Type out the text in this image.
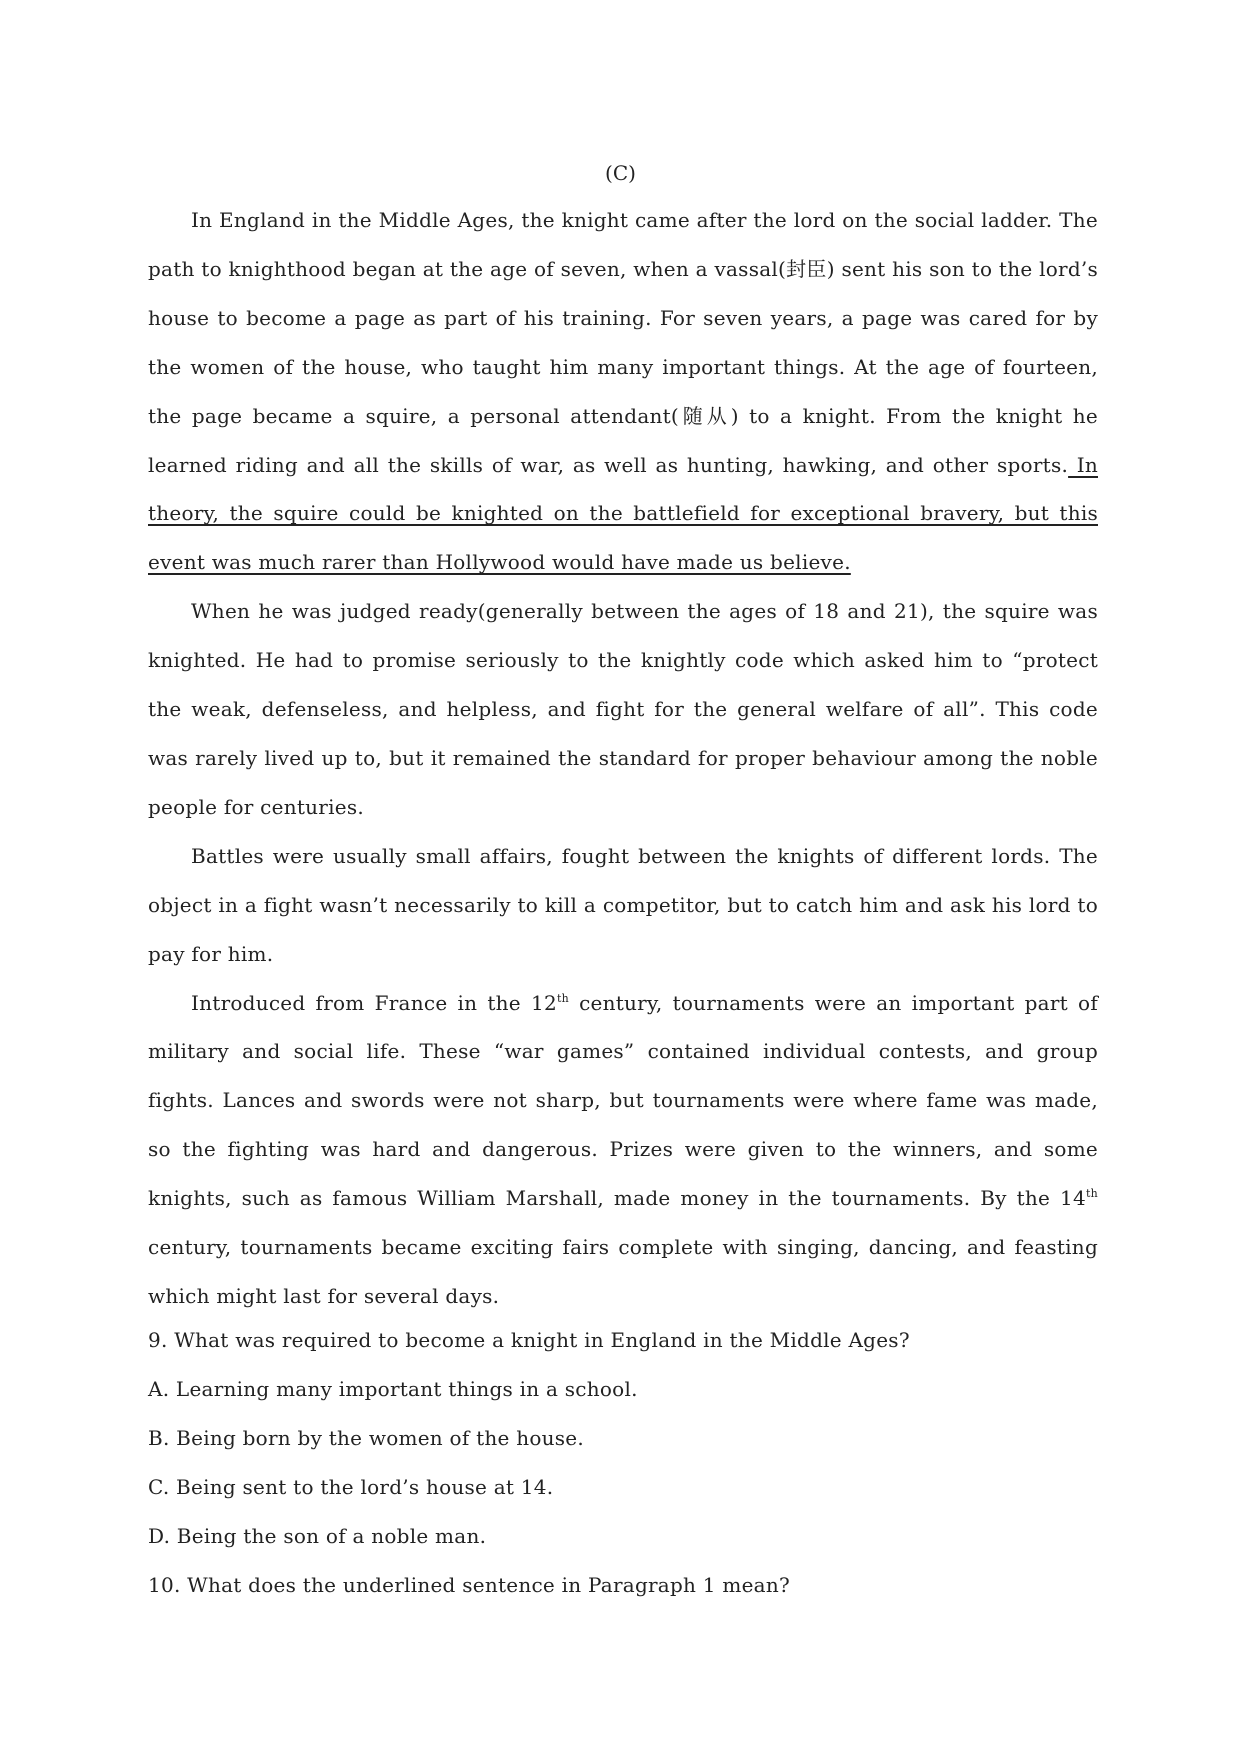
(C)

In England in the Middle Ages, the knight came after the lord on the social ladder. The path to knighthood began at the age of seven, when a vassal(封臣) sent his son to the lord’s house to become a page as part of his training. For seven years, a page was cared for by the women of the house, who taught him many important things. At the age of fourteen, the page became a squire, a personal attendant(随从) to a knight. From the knight he learned riding and all the skills of war, as well as hunting, hawking, and other sports. In theory, the squire could be knighted on the battlefield for exceptional bravery, but this event was much rarer than Hollywood would have made us believe.

When he was judged ready(generally between the ages of 18 and 21), the squire was knighted. He had to promise seriously to the knightly code which asked him to “protect the weak, defenseless, and helpless, and fight for the general welfare of all”. This code was rarely lived up to, but it remained the standard for proper behaviour among the noble people for centuries.

Battles were usually small affairs, fought between the knights of different lords. The object in a fight wasn’t necessarily to kill a competitor, but to catch him and ask his lord to pay for him.

Introduced from France in the 12th century, tournaments were an important part of military and social life. These “war games” contained individual contests, and group fights. Lances and swords were not sharp, but tournaments were where fame was made, so the fighting was hard and dangerous. Prizes were given to the winners, and some knights, such as famous William Marshall, made money in the tournaments. By the 14th century, tournaments became exciting fairs complete with singing, dancing, and feasting which might last for several days.

9. What was required to become a knight in England in the Middle Ages?

A. Learning many important things in a school.

B. Being born by the women of the house.

C. Being sent to the lord’s house at 14.

D. Being the son of a noble man.

10. What does the underlined sentence in Paragraph 1 mean?
